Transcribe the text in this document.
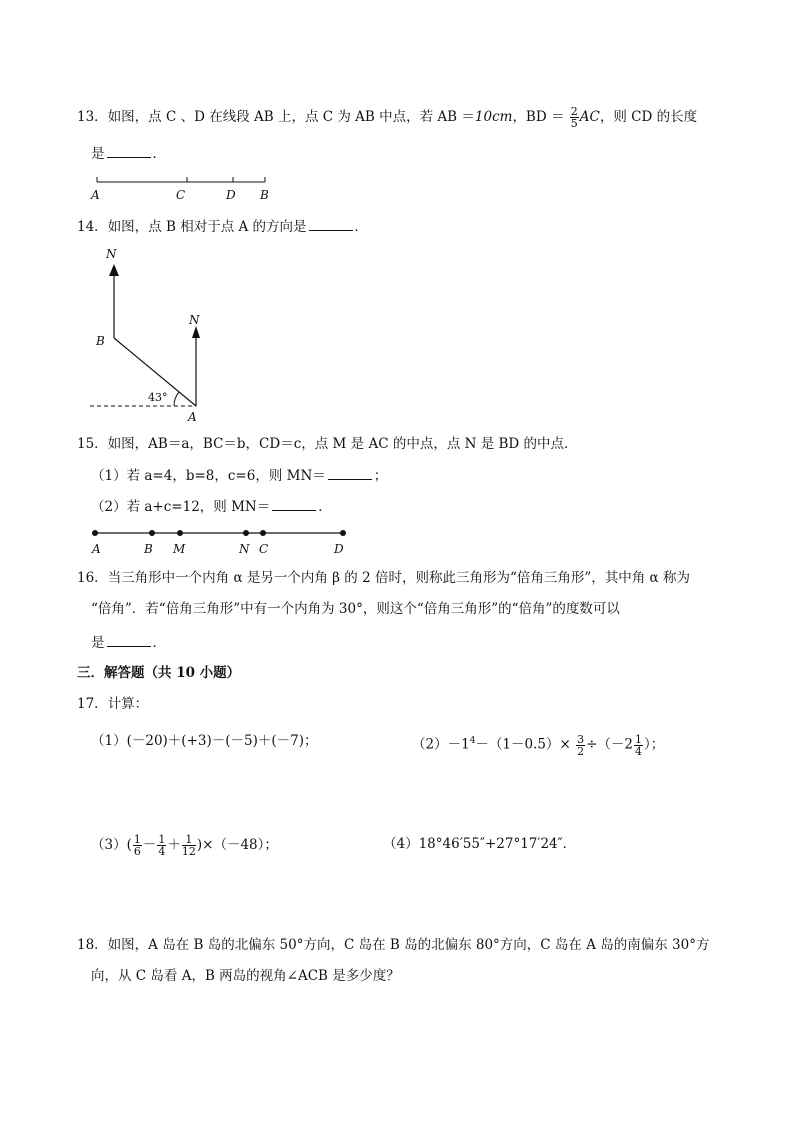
13．如图，点 C 、D 在线段 AB 上，点 C 为 AB 中点，若 AB ＝10cm，BD ＝ $\frac{2}{5}$ AC，则 CD 的长度
是	．
A	C	D B
14．如图，点 B 相对于点 A 的方向是	．
N
N
B
A
43°
15．如图，AB＝a，BC＝b，CD＝c，点 M 是 AC 的中点，点 N 是 BD 的中点．
（1）若 a=4，b=8，c=6，则 MN＝	；
（2）若 a+c=12，则 MN＝	．
A	B M	N C	D
16．当三角形中一个内角 α 是另一个内角 β 的 2 倍时，则称此三角形为“倍角三角形”，其中角 α 称为
“倍角”．若“倍角三角形”中有一个内角为 30°，则这个“倍角三角形”的“倍角”的度数可以
是	．
三．解答题（共 10 小题）
17．计算：
（1）(－20)＋(+3)－(－5)＋(－7)；	$(2)-1^4-(1-0.5)\times \frac{3}{2} \div(-2 \frac{1}{4}$ ）；
$(3)( \frac{1}{6} - \frac{1}{4} + \frac{1}{12} )\times(-48)$；	（4）18°46′55″+27°17′24″．
18．如图，A 岛在 B 岛的北偏东 50°方向，C 岛在 B 岛的北偏东 80°方向，C 岛在 A 岛的南偏东 30°方
向，从 C 岛看 A，B 两岛的视角∠ACB 是多少度？
